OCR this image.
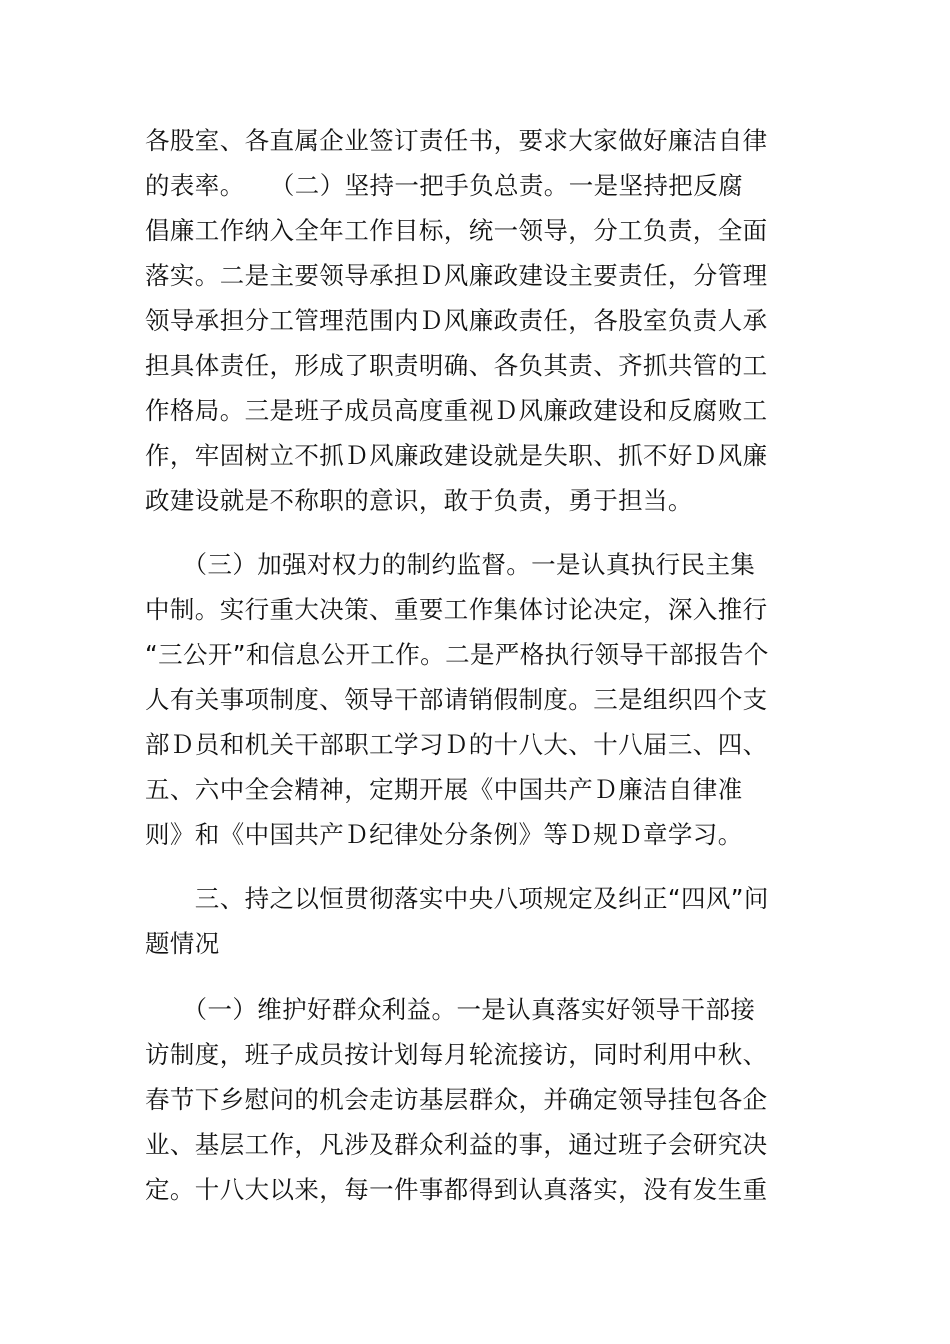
各股室、各直属企业签订责任书，要求大家做好廉洁自律
的表率。　　（二）坚持一把手负总责。一是坚持把反腐
倡廉工作纳入全年工作目标，统一领导，分工负责，全面
落实。二是主要领导承担Ｄ风廉政建设主要责任，分管理
领导承担分工管理范围内Ｄ风廉政责任，各股室负责人承
担具体责任，形成了职责明确、各负其责、齐抓共管的工
作格局。三是班子成员高度重视Ｄ风廉政建设和反腐败工
作，牢固树立不抓Ｄ风廉政建设就是失职、抓不好Ｄ风廉
政建设就是不称职的意识，敢于负责，勇于担当。
　　（三）加强对权力的制约监督。一是认真执行民主集
中制。实行重大决策、重要工作集体讨论决定，深入推行
“三公开”和信息公开工作。二是严格执行领导干部报告个
人有关事项制度、领导干部请销假制度。三是组织四个支
部Ｄ员和机关干部职工学习Ｄ的十八大、十八届三、四、
五、六中全会精神，定期开展《中国共产Ｄ廉洁自律准
则》和《中国共产Ｄ纪律处分条例》等Ｄ规Ｄ章学习。
　　三、持之以恒贯彻落实中央八项规定及纠正“四风”问
题情况
　　（一）维护好群众利益。一是认真落实好领导干部接
访制度，班子成员按计划每月轮流接访，同时利用中秋、
春节下乡慰问的机会走访基层群众，并确定领导挂包各企
业、基层工作，凡涉及群众利益的事，通过班子会研究决
定。十八大以来，每一件事都得到认真落实，没有发生重
